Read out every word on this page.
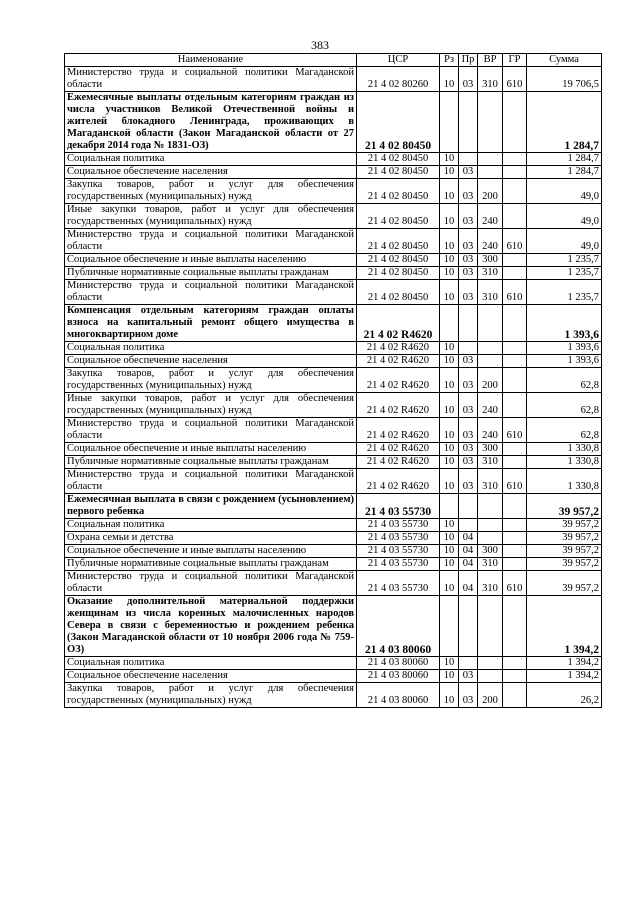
383
Наименование	ЦСР	Рз	Пр	ВР	ГР	Сумма
Министерство труда и социальной политики Магаданской области	21 4 02 80260	10	03	310	610	19 706,5
Ежемесячные выплаты отдельным категориям граждан из числа участников Великой Отечественной войны и жителей блокадного Ленинграда, проживающих в Магаданской области (Закон Магаданской области от 27 декабря 2014 года № 1831-ОЗ)	21 4 02 80450					1 284,7
Социальная политика	21 4 02 80450	10				1 284,7
Социальное обеспечение населения	21 4 02 80450	10	03			1 284,7
Закупка товаров, работ и услуг для обеспечения государственных (муниципальных) нужд	21 4 02 80450	10	03	200		49,0
Иные закупки товаров, работ и услуг для обеспечения государственных (муниципальных) нужд	21 4 02 80450	10	03	240		49,0
Министерство труда и социальной политики Магаданской области	21 4 02 80450	10	03	240	610	49,0
Социальное обеспечение и иные выплаты населению	21 4 02 80450	10	03	300		1 235,7
Публичные нормативные социальные выплаты гражданам	21 4 02 80450	10	03	310		1 235,7
Министерство труда и социальной политики Магаданской области	21 4 02 80450	10	03	310	610	1 235,7
Компенсация отдельным категориям граждан оплаты взноса на капитальный ремонт общего имущества в многоквартирном доме	21 4 02 R4620					1 393,6
Социальная политика	21 4 02 R4620	10				1 393,6
Социальное обеспечение населения	21 4 02 R4620	10	03			1 393,6
Закупка товаров, работ и услуг для обеспечения государственных (муниципальных) нужд	21 4 02 R4620	10	03	200		62,8
Иные закупки товаров, работ и услуг для обеспечения государственных (муниципальных) нужд	21 4 02 R4620	10	03	240		62,8
Министерство труда и социальной политики Магаданской области	21 4 02 R4620	10	03	240	610	62,8
Социальное обеспечение и иные выплаты населению	21 4 02 R4620	10	03	300		1 330,8
Публичные нормативные социальные выплаты гражданам	21 4 02 R4620	10	03	310		1 330,8
Министерство труда и социальной политики Магаданской области	21 4 02 R4620	10	03	310	610	1 330,8
Ежемесячная выплата в связи с рождением (усыновлением) первого ребенка	21 4 03 55730					39 957,2
Социальная политика	21 4 03 55730	10				39 957,2
Охрана семьи и детства	21 4 03 55730	10	04			39 957,2
Социальное обеспечение и иные выплаты населению	21 4 03 55730	10	04	300		39 957,2
Публичные нормативные социальные выплаты гражданам	21 4 03 55730	10	04	310		39 957,2
Министерство труда и социальной политики Магаданской области	21 4 03 55730	10	04	310	610	39 957,2
Оказание дополнительной материальной поддержки женщинам из числа коренных малочисленных народов Севера в связи с беременностью и рождением ребенка (Закон Магаданской области от 10 ноября 2006 года № 759-ОЗ)	21 4 03 80060					1 394,2
Социальная политика	21 4 03 80060	10				1 394,2
Социальное обеспечение населения	21 4 03 80060	10	03			1 394,2
Закупка товаров, работ и услуг для обеспечения государственных (муниципальных) нужд	21 4 03 80060	10	03	200		26,2
